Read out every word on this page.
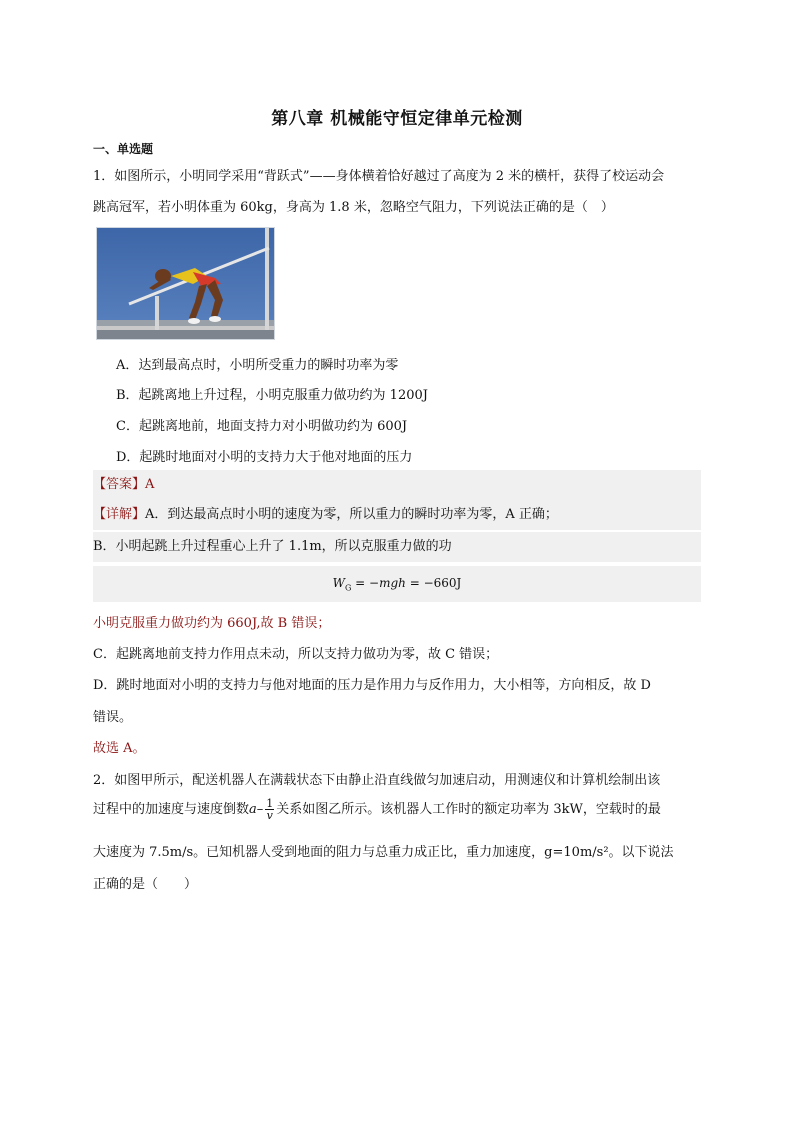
第八章 机械能守恒定律单元检测
一、单选题
1．如图所示，小明同学采用“背跃式”——身体横着恰好越过了高度为 2 米的横杆，获得了校运动会
跳高冠军，若小明体重为 60kg，身高为 1.8 米，忽略空气阻力，下列说法正确的是（　）
A．达到最高点时，小明所受重力的瞬时功率为零
B．起跳离地上升过程，小明克服重力做功约为 1200J
C．起跳离地前，地面支持力对小明做功约为 600J
D．起跳时地面对小明的支持力大于他对地面的压力
【答案】A
【详解】A．到达最高点时小明的速度为零，所以重力的瞬时功率为零，A 正确；
B．小明起跳上升过程重心上升了 1.1m，所以克服重力做的功
$W_G = -mgh = -660J$
小明克服重力做功约为 660J,故 B 错误；
C．起跳离地前支持力作用点未动，所以支持力做功为零，故 C 错误；
D．跳时地面对小明的支持力与他对地面的压力是作用力与反作用力，大小相等，方向相反，故 D
错误。
故选 A。
2．如图甲所示，配送机器人在满载状态下由静止沿直线做匀加速启动，用测速仪和计算机绘制出该
过程中的加速度与速度倒数$a- \frac{1}{v}$ 关系如图乙所示。该机器人工作时的额定功率为 3kW，空载时的最
大速度为 7.5m/s。已知机器人受到地面的阻力与总重力成正比，重力加速度，g=10m/s²。以下说法
正确的是（　　）
